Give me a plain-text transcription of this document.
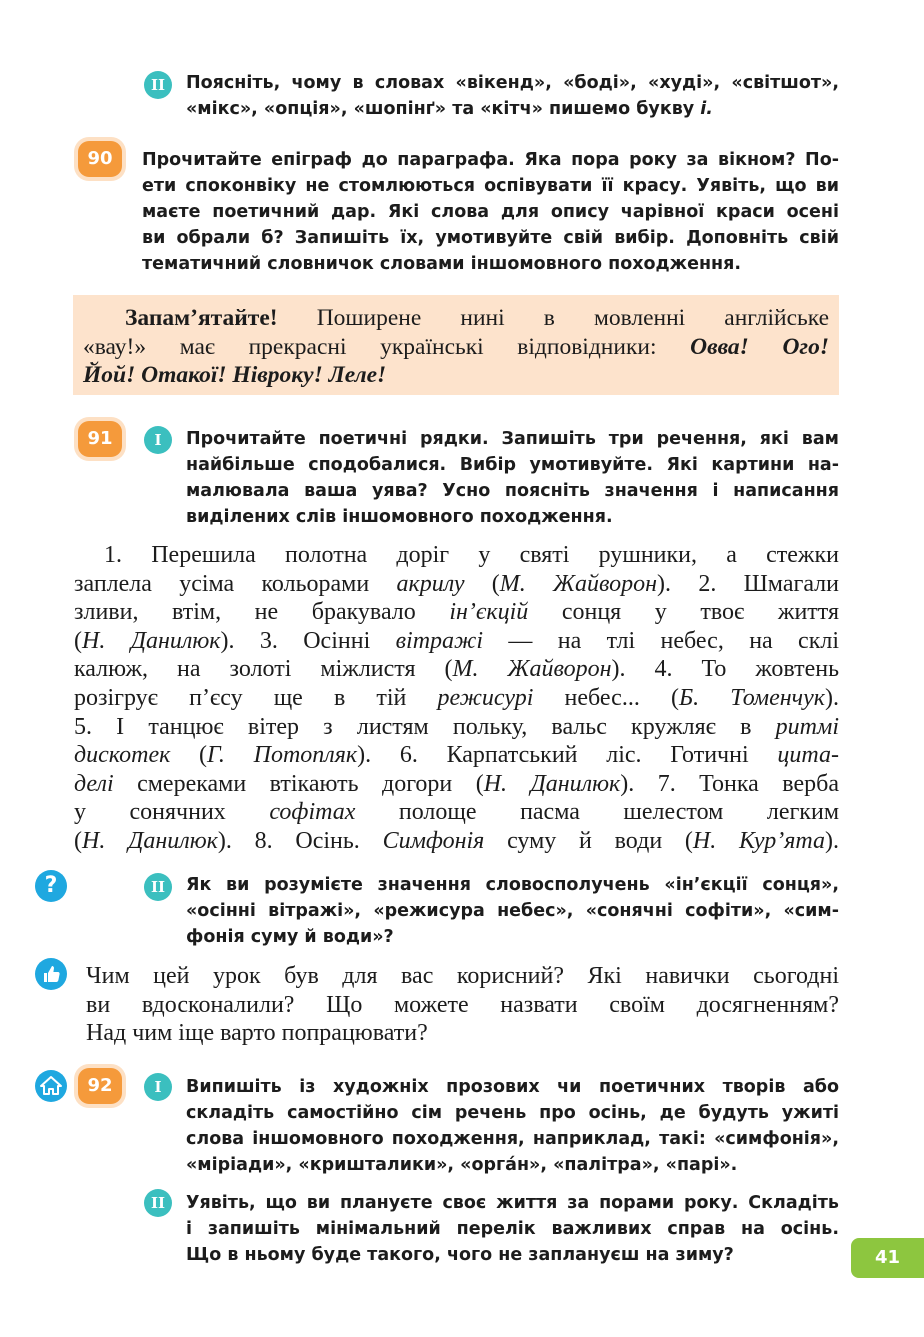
II	Поясніть, чому в словах «вікенд», «боді», «худі», «світшот»,
«мікс», «опція», «шопінґ» та «кітч» пишемо букву і.
90	Прочитайте епіграф до параграфа. Яка пора року за вікном? По-
ети споконвіку не стомлюються оспівувати її красу. Уявіть, що ви
маєте поетичний дар. Які слова для опису чарівної краси осені
ви обрали б? Запишіть їх, умотивуйте свій вибір. Доповніть свій
тематичний словничок словами іншомовного походження.
Запам’ятайте! Поширене нині в мовленні англійське
«вау!» має прекрасні українські відповідники: Овва! Ого!
Йой! Отакої! Нівроку! Леле!
91	I	Прочитайте поетичні рядки. Запишіть три речення, які вам
найбільше сподобалися. Вибір умотивуйте. Які картини на-
малювала ваша уява? Усно поясніть значення і написання
виділених слів іншомовного походження.
1. Перешила полотна доріг у святі рушники, а стежки
заплела усіма кольорами акрилу (М. Жайворон). 2. Шмагали
зливи, втім, не бракувало ін’єкцій сонця у твоє життя
(Н. Данилюк). 3. Осінні вітражі — на тлі небес, на склі
калюж, на золоті міжлистя (М. Жайворон). 4. То жовтень
розігрує п’єсу ще в тій режисурі небес... (Б. Томенчук).
5. І танцює вітер з листям польку, вальс кружляє в ритмі
дискотек (Г. Потопляк). 6. Карпатський ліс. Готичні цита-
делі смереками втікають догори (Н. Данилюк). 7. Тонка верба
у сонячних софітах полоще пасма шелестом легким
(Н. Данилюк). 8. Осінь. Симфонія суму й води (Н. Кур’ята).
?	II	Як ви розумієте значення словосполучень «ін’єкції сонця»,
«осінні вітражі», «режисура небес», «сонячні софіти», «сим-
фонія суму й води»?
Чим цей урок був для вас корисний? Які навички сьогодні
ви вдосконалили? Що можете назвати своїм досягненням?
Над чим іще варто попрацювати?
92	I	Випишіть із художніх прозових чи поетичних творів або
складіть самостійно сім речень про осінь, де будуть ужиті
слова іншомовного походження, наприклад, такі: «симфонія»,
«міріади», «кришталики», «орга́н», «палітра», «парі».
II	Уявіть, що ви плануєте своє життя за порами року. Складіть
і запишіть мінімальний перелік важливих справ на осінь.
Що в ньому буде такого, чого не заплануєш на зиму?	41
